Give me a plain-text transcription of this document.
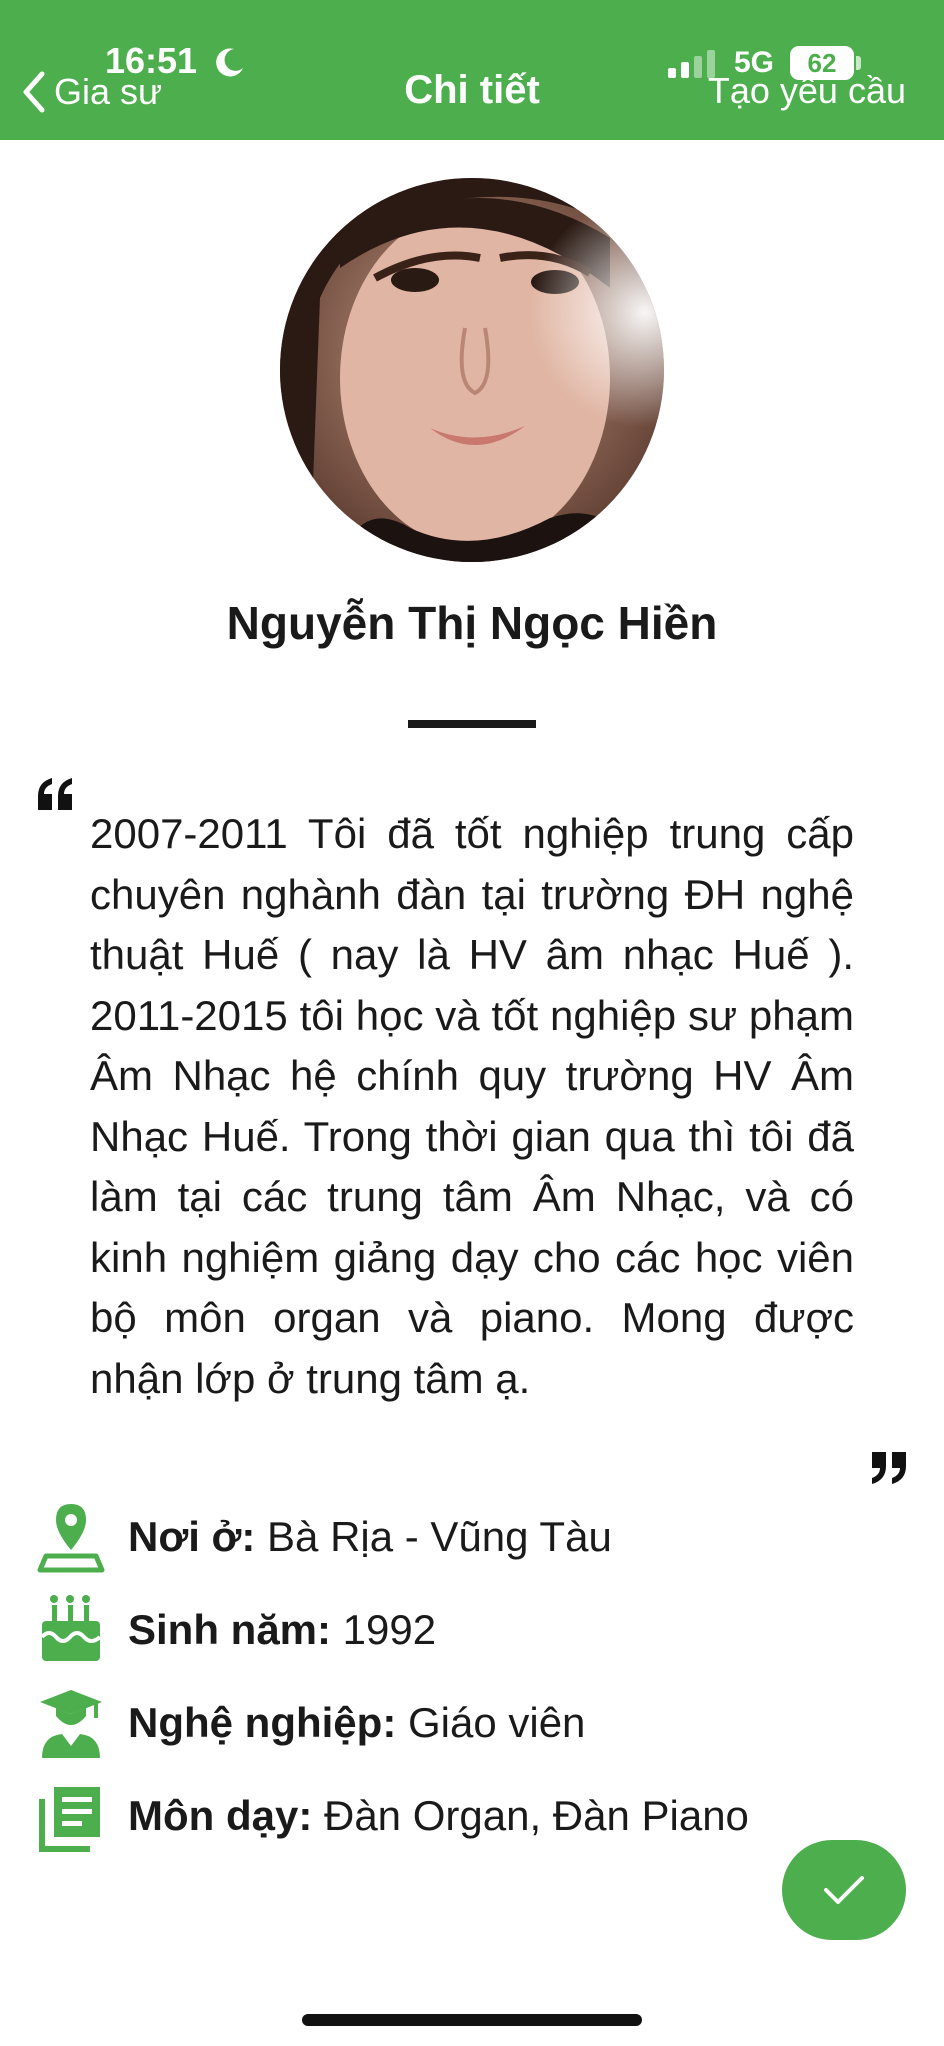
16:51	5G	62
Gia sư	Chi tiết	Tạo yêu cầu
Nguyễn Thị Ngọc Hiền
2007-2011 Tôi đã tốt nghiệp trung cấp chuyên nghành đàn tại trường ĐH nghệ thuật Huế ( nay là HV âm nhạc Huế ). 2011-2015 tôi học và tốt nghiệp sư phạm Âm Nhạc hệ chính quy trường HV Âm Nhạc Huế. Trong thời gian qua thì tôi đã làm tại các trung tâm Âm Nhạc, và có kinh nghiệm giảng dạy cho các học viên bộ môn organ và piano. Mong được nhận lớp ở trung tâm ạ.
Nơi ở: Bà Rịa - Vũng Tàu
Sinh năm: 1992
Nghệ nghiệp: Giáo viên
Môn dạy: Đàn Organ, Đàn Piano
